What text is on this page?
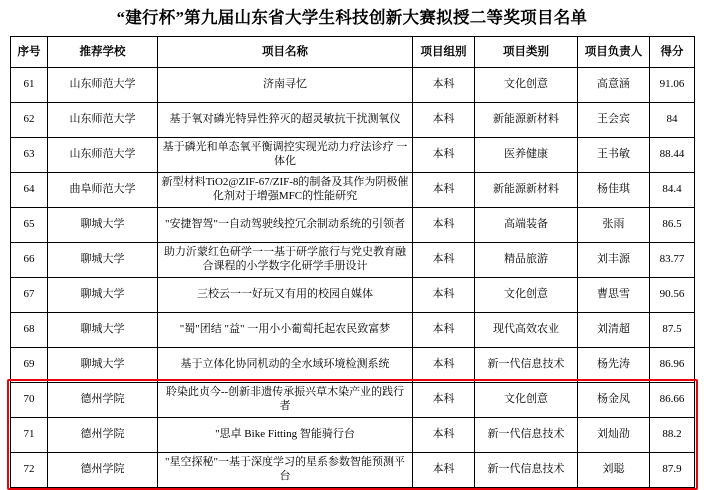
“建行杯”第九届山东省大学生科技创新大赛拟授二等奖项目名单
序号	推荐学校	项目名称	项目组别	项目类别	项目负责人	得分
61	山东师范大学	济南寻忆	本科	文化创意	高意涵	91.06
62	山东师范大学	基于氧对磷光特异性猝灭的超灵敏抗干扰测氧仪	本科	新能源新材料	王会宾	84
63	山东师范大学	基于磷光和单态氧平衡调控实现光动力疗法诊疗 一体化	本科	医养健康	王书敏	88.44
64	曲阜师范大学	新型材料TiO2@ZIF-67/ZIF-8的制备及其作为阴极催化剂对于增强MFC的性能研究	本科	新能源新材料	杨佳琪	84.4
65	聊城大学	"安捷智驾"一自动驾驶线控冗余制动系统的引领者	本科	高端装备	张雨	86.5
66	聊城大学	助力沂蒙红色研学一一基于研学旅行与党史教育融合课程的小学数字化研学手册设计	本科	精品旅游	刘丰源	83.77
67	聊城大学	三校云一一好玩又有用的校园自媒体	本科	文化创意	曹思雪	90.56
68	聊城大学	"蜀"团结 "益" 一用小小葡萄托起农民致富梦	本科	现代高效农业	刘清超	87.5
69	聊城大学	基于立体化协同机动的全水域环境检测系统	本科	新一代信息技术	杨先涛	86.96
70	德州学院	聆染此贞今--创新非遗传承振兴草木染产业的践行者	本科	文化创意	杨金凤	86.66
71	德州学院	"思卓 Bike Fitting 智能骑行台	本科	新一代信息技术	刘灿劭	88.2
72	德州学院	"星空探秘"一基于深度学习的星系参数智能预测平台	本科	新一代信息技术	刘聪	87.9
